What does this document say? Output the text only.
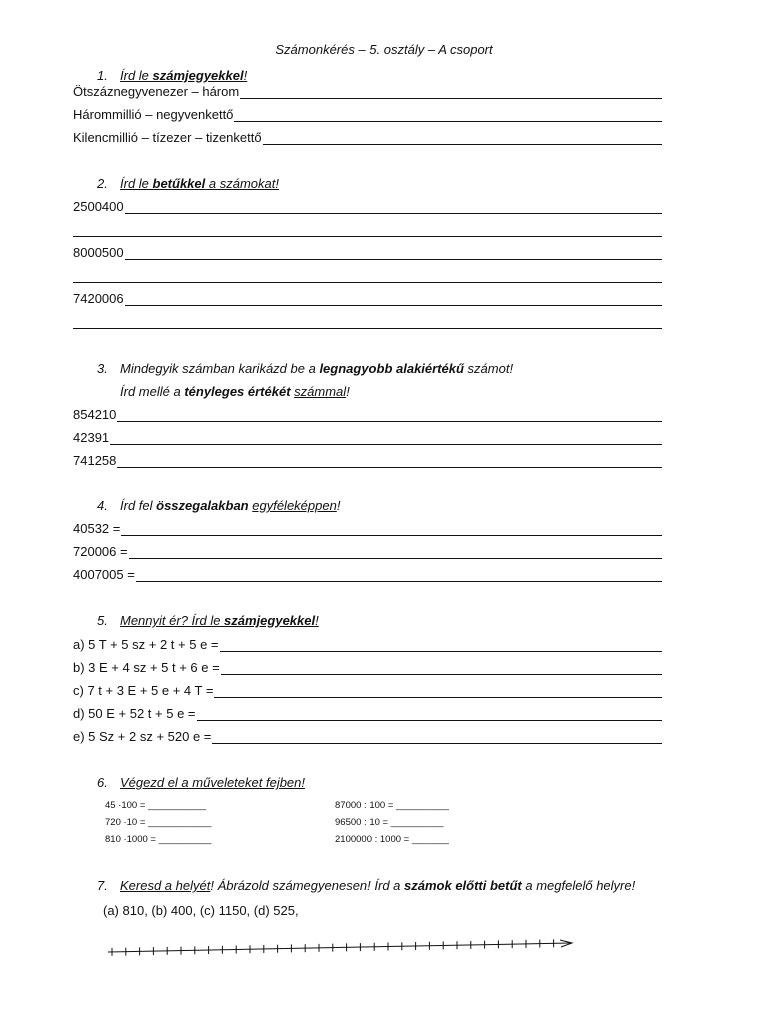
Számonkérés – 5. osztály – A csoport
1. Írd le számjegyekkel!
Ötszáznegyvenezer – három
Hárommillió – negyvenkettő
Kilencmillió – tízezer – tizenkettő
2. Írd le betűkkel a számokat!
2500400
8000500
7420006
3. Mindegyik számban karikázd be a legnagyobb alakiértékű számot!
Írd mellé a tényleges értékét számmal!
854210
42391
741258
4. Írd fel összegalakban egyféleképpen!
40532 =
720006 =
4007005 =
5. Mennyit ér? Írd le számjegyekkel!
a) 5 T + 5 sz + 2 t + 5 e =
b) 3 E + 4 sz + 5 t + 6 e =
c) 7 t + 3 E + 5 e + 4 T =
d) 50 E + 52 t + 5 e =
e) 5 Sz + 2 sz + 520 e =
6. Végezd el a műveleteket fejben!
45 ·100 = ___________
720 ·10 = ____________
810 ·1000 = __________
87000 : 100 = __________
96500 : 10 = __________
2100000 : 1000 = _______
7. Keresd a helyét! Ábrázold számegyenesen! Írd a számok előtti betűt a megfelelő helyre!
(a) 810, (b) 400, (c) 1150, (d) 525,
